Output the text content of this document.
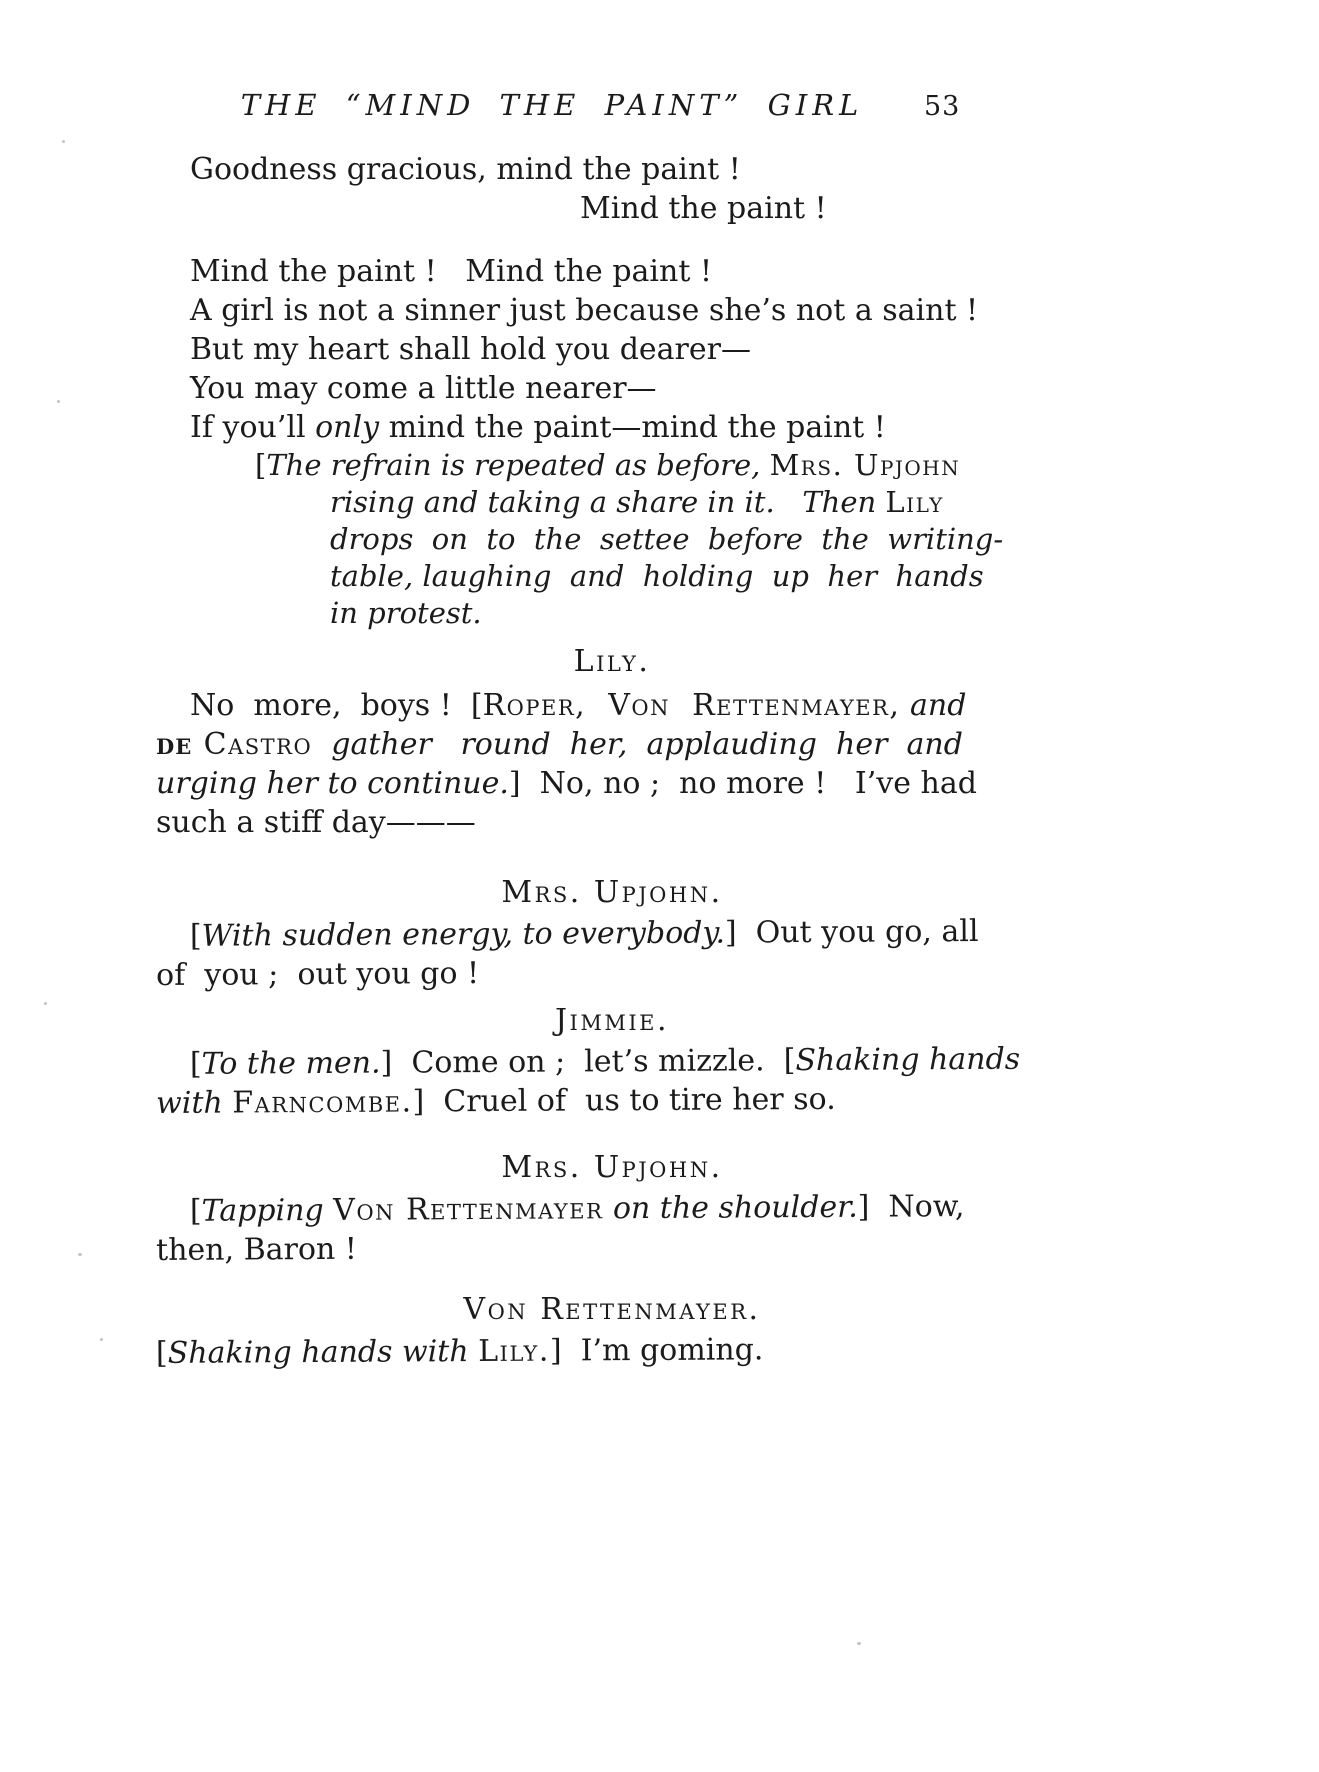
THE “MIND THE PAINT” GIRL	53
Goodness gracious, mind the paint !
Mind the paint !
Mind the paint !   Mind the paint !
A girl is not a sinner just because she’s not a saint !
But my heart shall hold you dearer—
You may come a little nearer—
If you’ll only mind the paint—mind the paint !
[The refrain is repeated as before, Mrs. Upjohn
rising and taking a share in it.   Then Lily
drops  on  to  the  settee  before  the  writing-
table, laughing  and  holding  up  her  hands
in protest.
Lily.
No  more,  boys !  [Roper,  Von  Rettenmayer, and
de Castro  gather   round  her,  applauding  her  and
urging her to continue.]  No, no ;  no more !   I’ve had
such a stiff day———
Mrs. Upjohn.
[With sudden energy, to everybody.]  Out you go, all
of  you ;  out you go !
Jimmie.
[To the men.]  Come on ;  let’s mizzle.  [Shaking hands
with Farncombe.]  Cruel of  us to tire her so.
Mrs. Upjohn.
[Tapping Von Rettenmayer on the shoulder.]  Now,
then, Baron !
Von Rettenmayer.
[Shaking hands with Lily.]  I’m goming.
